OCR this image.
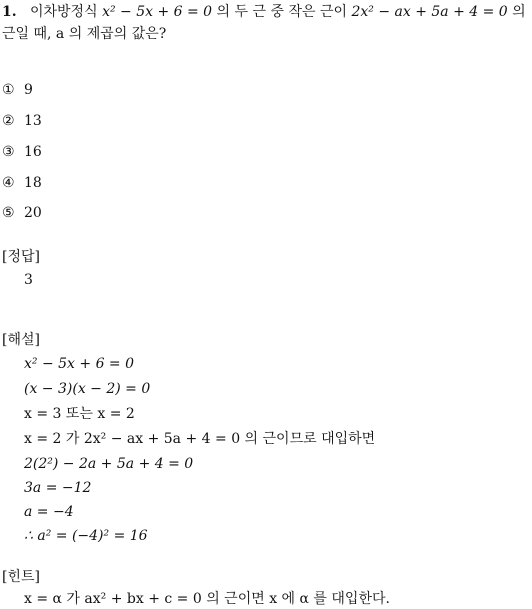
1. 이차방정식 x² − 5x + 6 = 0 의 두 근 중 작은 근이 2x² − ax + 5a + 4 = 0 의
근일 때, a 의 제곱의 값은?
① 9
② 13
③ 16
④ 18
⑤ 20
[정답]
3
[해설]
x² − 5x + 6 = 0
(x − 3)(x − 2) = 0
x = 3 또는 x = 2
x = 2 가 2x² − ax + 5a + 4 = 0 의 근이므로 대입하면
2(2²) − 2a + 5a + 4 = 0
3a = −12
a = −4
∴ a² = (−4)² = 16
[힌트]
x = α 가 ax² + bx + c = 0 의 근이면 x 에 α 를 대입한다.
